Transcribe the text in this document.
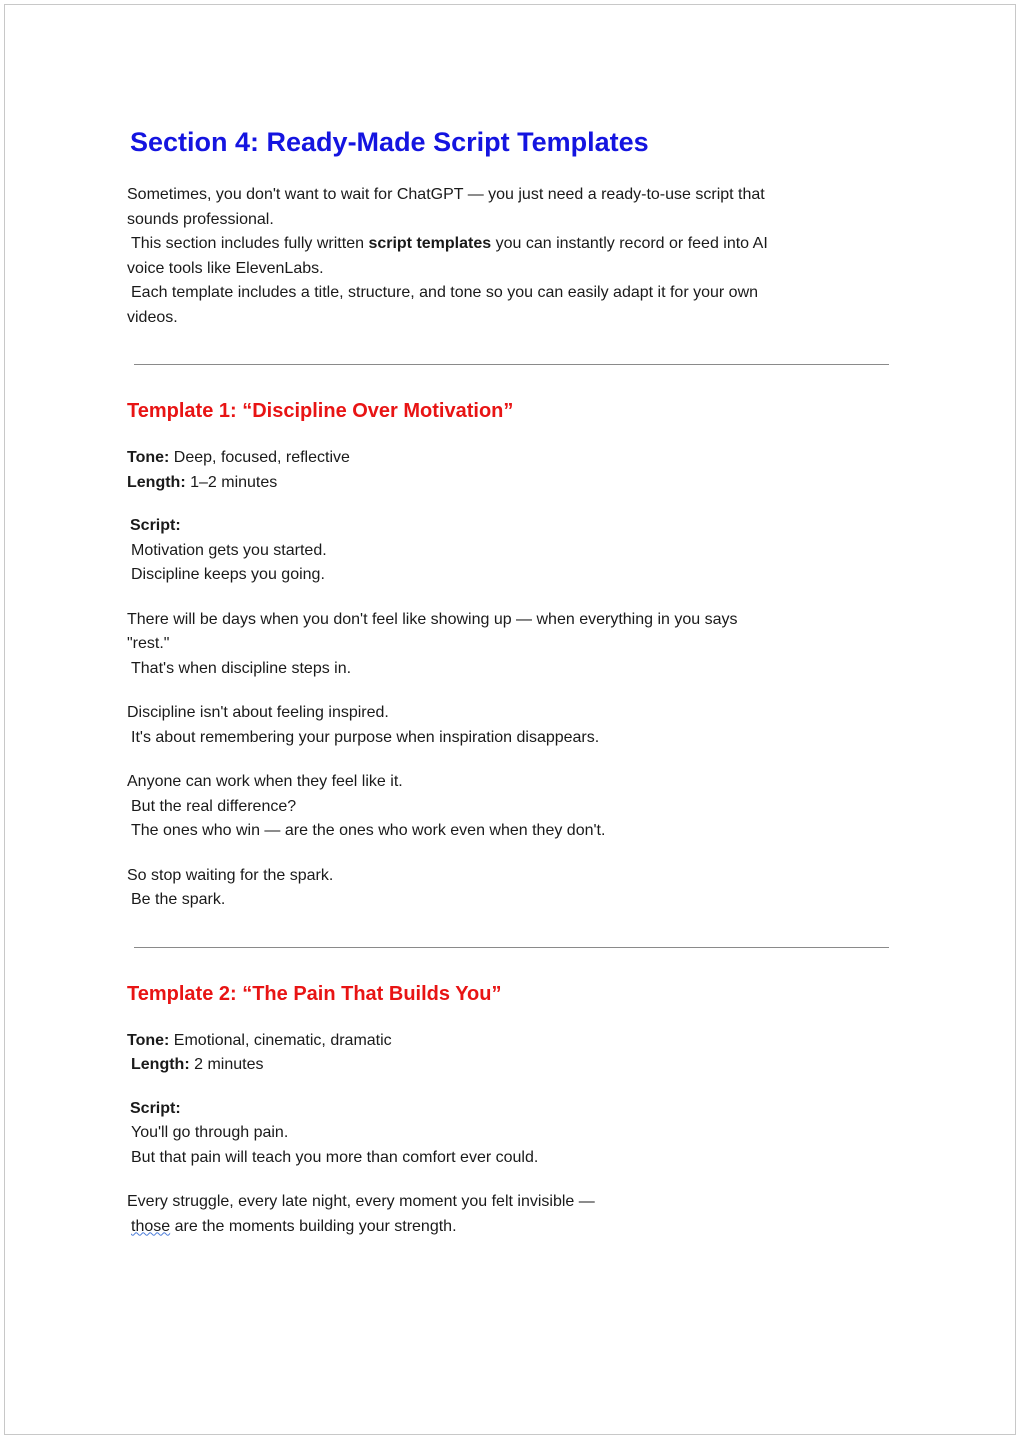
Section 4: Ready-Made Script Templates

Sometimes, you don't want to wait for ChatGPT — you just need a ready-to-use script that

sounds professional.

This section includes fully written script templates you can instantly record or feed into AI

voice tools like ElevenLabs.

Each template includes a title, structure, and tone so you can easily adapt it for your own

videos.

Template 1: “Discipline Over Motivation”

Tone: Deep, focused, reflective

Length: 1–2 minutes

Script:

Motivation gets you started.

Discipline keeps you going.

There will be days when you don't feel like showing up — when everything in you says

"rest."

That's when discipline steps in.

Discipline isn't about feeling inspired.

It's about remembering your purpose when inspiration disappears.

Anyone can work when they feel like it.

But the real difference?

The ones who win — are the ones who work even when they don't.

So stop waiting for the spark.

Be the spark.

Template 2: “The Pain That Builds You”

Tone: Emotional, cinematic, dramatic

Length: 2 minutes

Script:

You'll go through pain.

But that pain will teach you more than comfort ever could.

Every struggle, every late night, every moment you felt invisible —

those are the moments building your strength.
